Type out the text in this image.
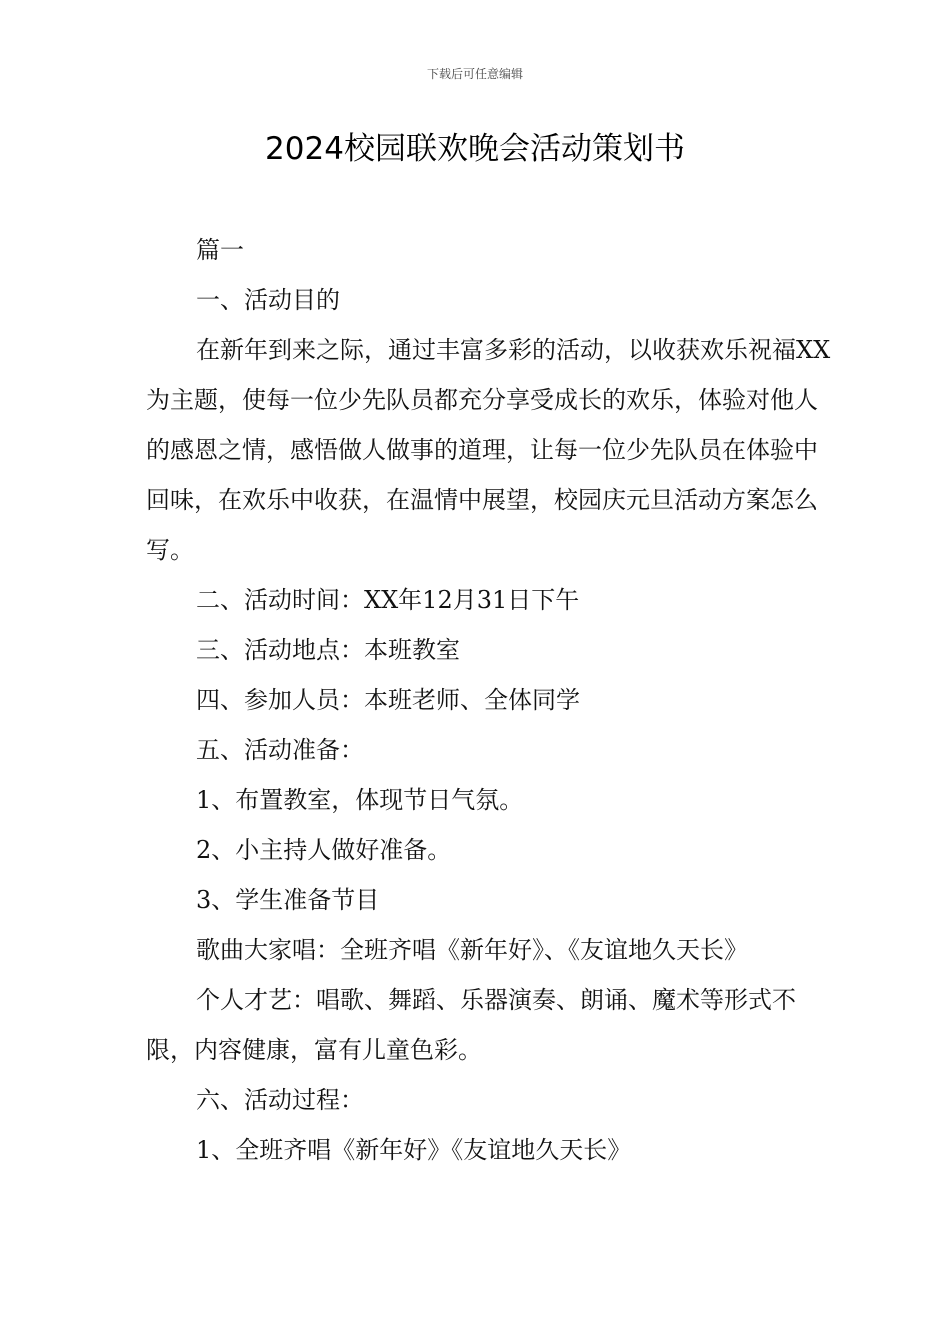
下载后可任意编辑
2024校园联欢晚会活动策划书

篇一

一、活动目的

在新年到来之际，通过丰富多彩的活动，以收获欢乐祝福XX为主题，使每一位少先队员都充分享受成长的欢乐，体验对他人的感恩之情，感悟做人做事的道理，让每一位少先队员在体验中回味，在欢乐中收获，在温情中展望，校园庆元旦活动方案怎么写。

二、活动时间：XX年12月31日下午

三、活动地点：本班教室

四、参加人员：本班老师、全体同学

五、活动准备：

1、布置教室，体现节日气氛。

2、小主持人做好准备。

3、学生准备节目

歌曲大家唱：全班齐唱《新年好》、《友谊地久天长》

个人才艺：唱歌、舞蹈、乐器演奏、朗诵、魔术等形式不限，内容健康，富有儿童色彩。

六、活动过程：

1、全班齐唱《新年好》《友谊地久天长》
